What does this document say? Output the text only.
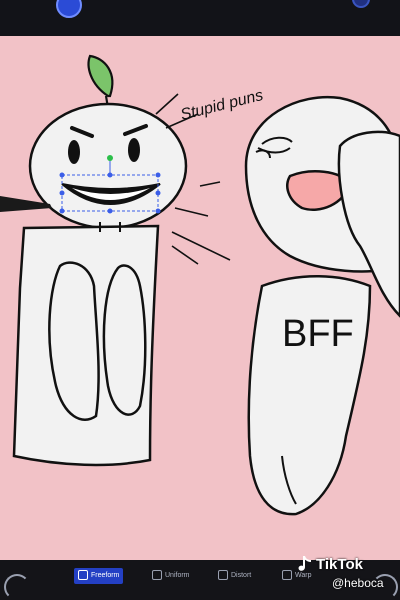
Stupid puns
BFF
Freeform	Uniform	Distort	Warp
TikTok
@heboca
